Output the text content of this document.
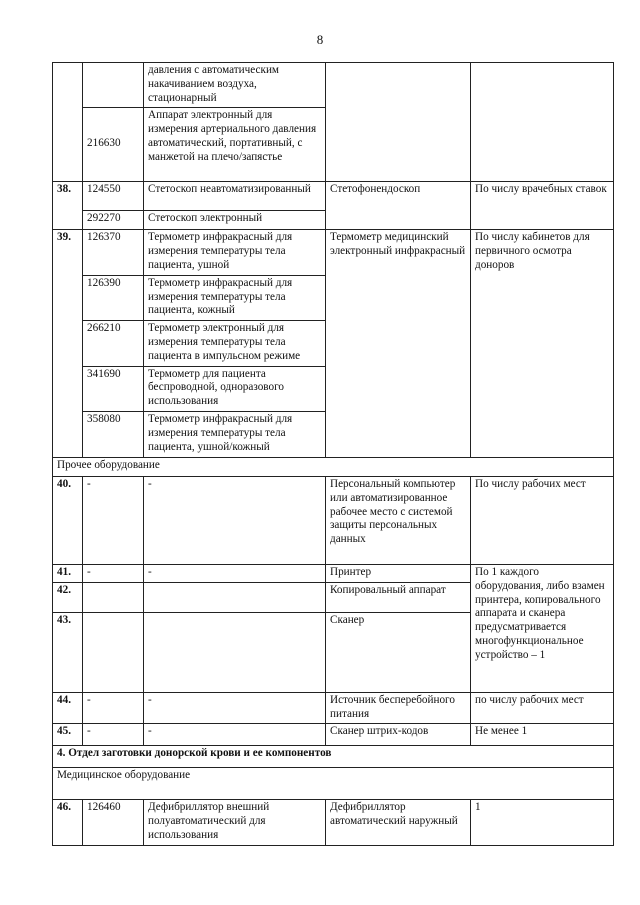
8
		давления с автоматическим накачиванием воздуха, стационарный		
	216630	Аппарат электронный для измерения артериального давления автоматический, портативный, с манжетой на плечо/запястье		
38.	124550	Стетоскоп неавтоматизированный	Стетофонендоскоп	По числу врачебных ставок
	292270	Стетоскоп электронный		
39.	126370	Термометр инфракрасный для измерения температуры тела пациента, ушной	Термометр медицинский электронный инфракрасный	По числу кабинетов для первичного осмотра доноров
	126390	Термометр инфракрасный для измерения температуры тела пациента, кожный		
	266210	Термометр электронный для измерения температуры тела пациента в импульсном режиме		
	341690	Термометр для пациента беспроводной, одноразового использования		
	358080	Термометр инфракрасный для измерения температуры тела пациента, ушной/кожный		
Прочее оборудование				
40.	-	-	Персональный компьютер или автоматизированное рабочее место с системой защиты персональных данных	По числу рабочих мест
41.	-	-	Принтер	По 1 каждого оборудования, либо взамен принтера, копировального аппарата и сканера предусматривается многофункциональное устройство – 1
42.			Копировальный аппарат	
43.			Сканер	
44.	-	-	Источник бесперебойного питания	по числу рабочих мест
45.	-	-	Сканер штрих-кодов	Не менее 1
4. Отдел заготовки донорской крови и ее компонентов				
Медицинское оборудование				
46.	126460	Дефибриллятор внешний полуавтоматический для использования	Дефибриллятор автоматический наружный	1
